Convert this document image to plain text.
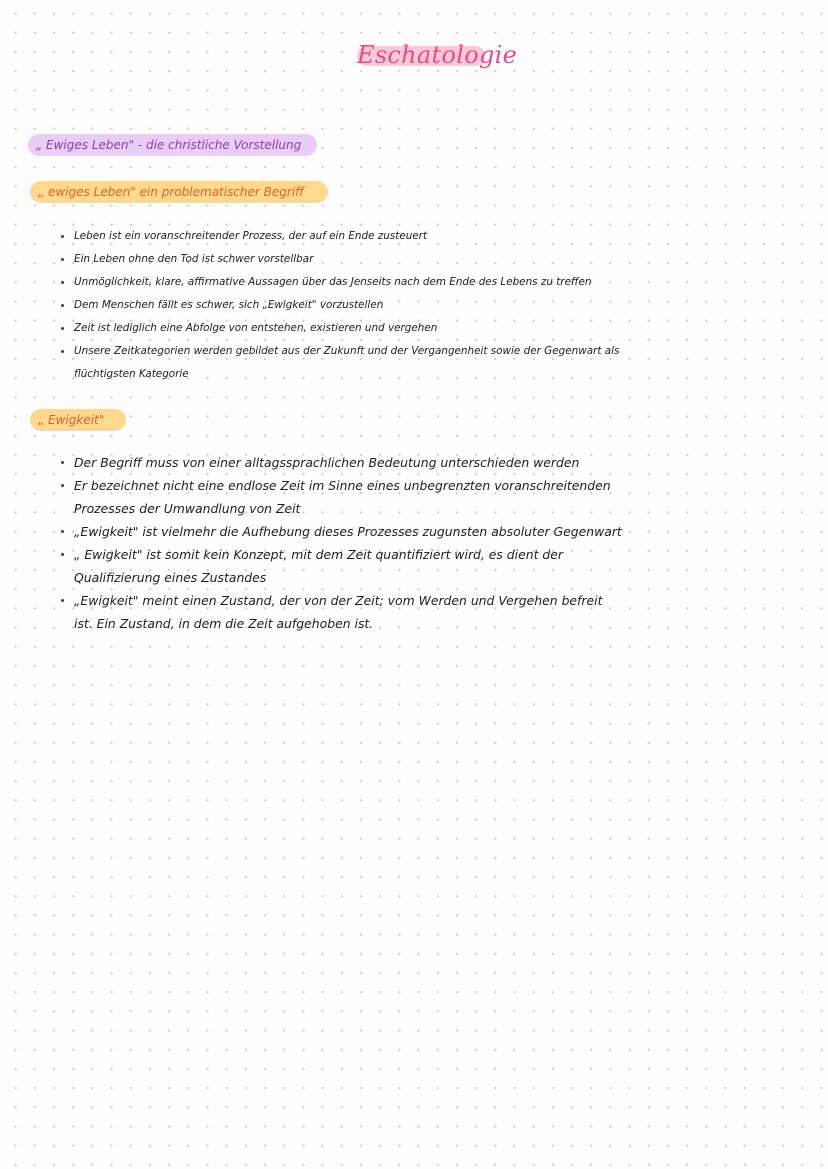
Eschatologie
„ Ewiges Leben" - die christliche Vorstellung
„ ewiges Leben" ein problematischer Begriff
Leben ist ein voranschreitender Prozess, der auf ein Ende zusteuert
Ein Leben ohne den Tod ist schwer vorstellbar
Unmöglichkeit, klare, affirmative Aussagen über das Jenseits nach dem Ende des Lebens zu treffen
Dem Menschen fällt es schwer, sich „Ewigkeit" vorzustellen
Zeit ist lediglich eine Abfolge von entstehen, existieren und vergehen
Unsere Zeitkategorien werden gebildet aus der Zukunft und der Vergangenheit sowie der Gegenwart als
flüchtigsten Kategorie
„ Ewigkeit"
Der Begriff muss von einer alltagssprachlichen Bedeutung unterschieden werden
Er bezeichnet nicht eine endlose Zeit im Sinne eines unbegrenzten voranschreitenden
Prozesses der Umwandlung von Zeit
„Ewigkeit" ist vielmehr die Aufhebung dieses Prozesses zugunsten absoluter Gegenwart
„ Ewigkeit" ist somit kein Konzept, mit dem Zeit quantifiziert wird, es dient der
Qualifizierung eines Zustandes
„Ewigkeit" meint einen Zustand, der von der Zeit; vom Werden und Vergehen befreit
ist. Ein Zustand, in dem die Zeit aufgehoben ist.
